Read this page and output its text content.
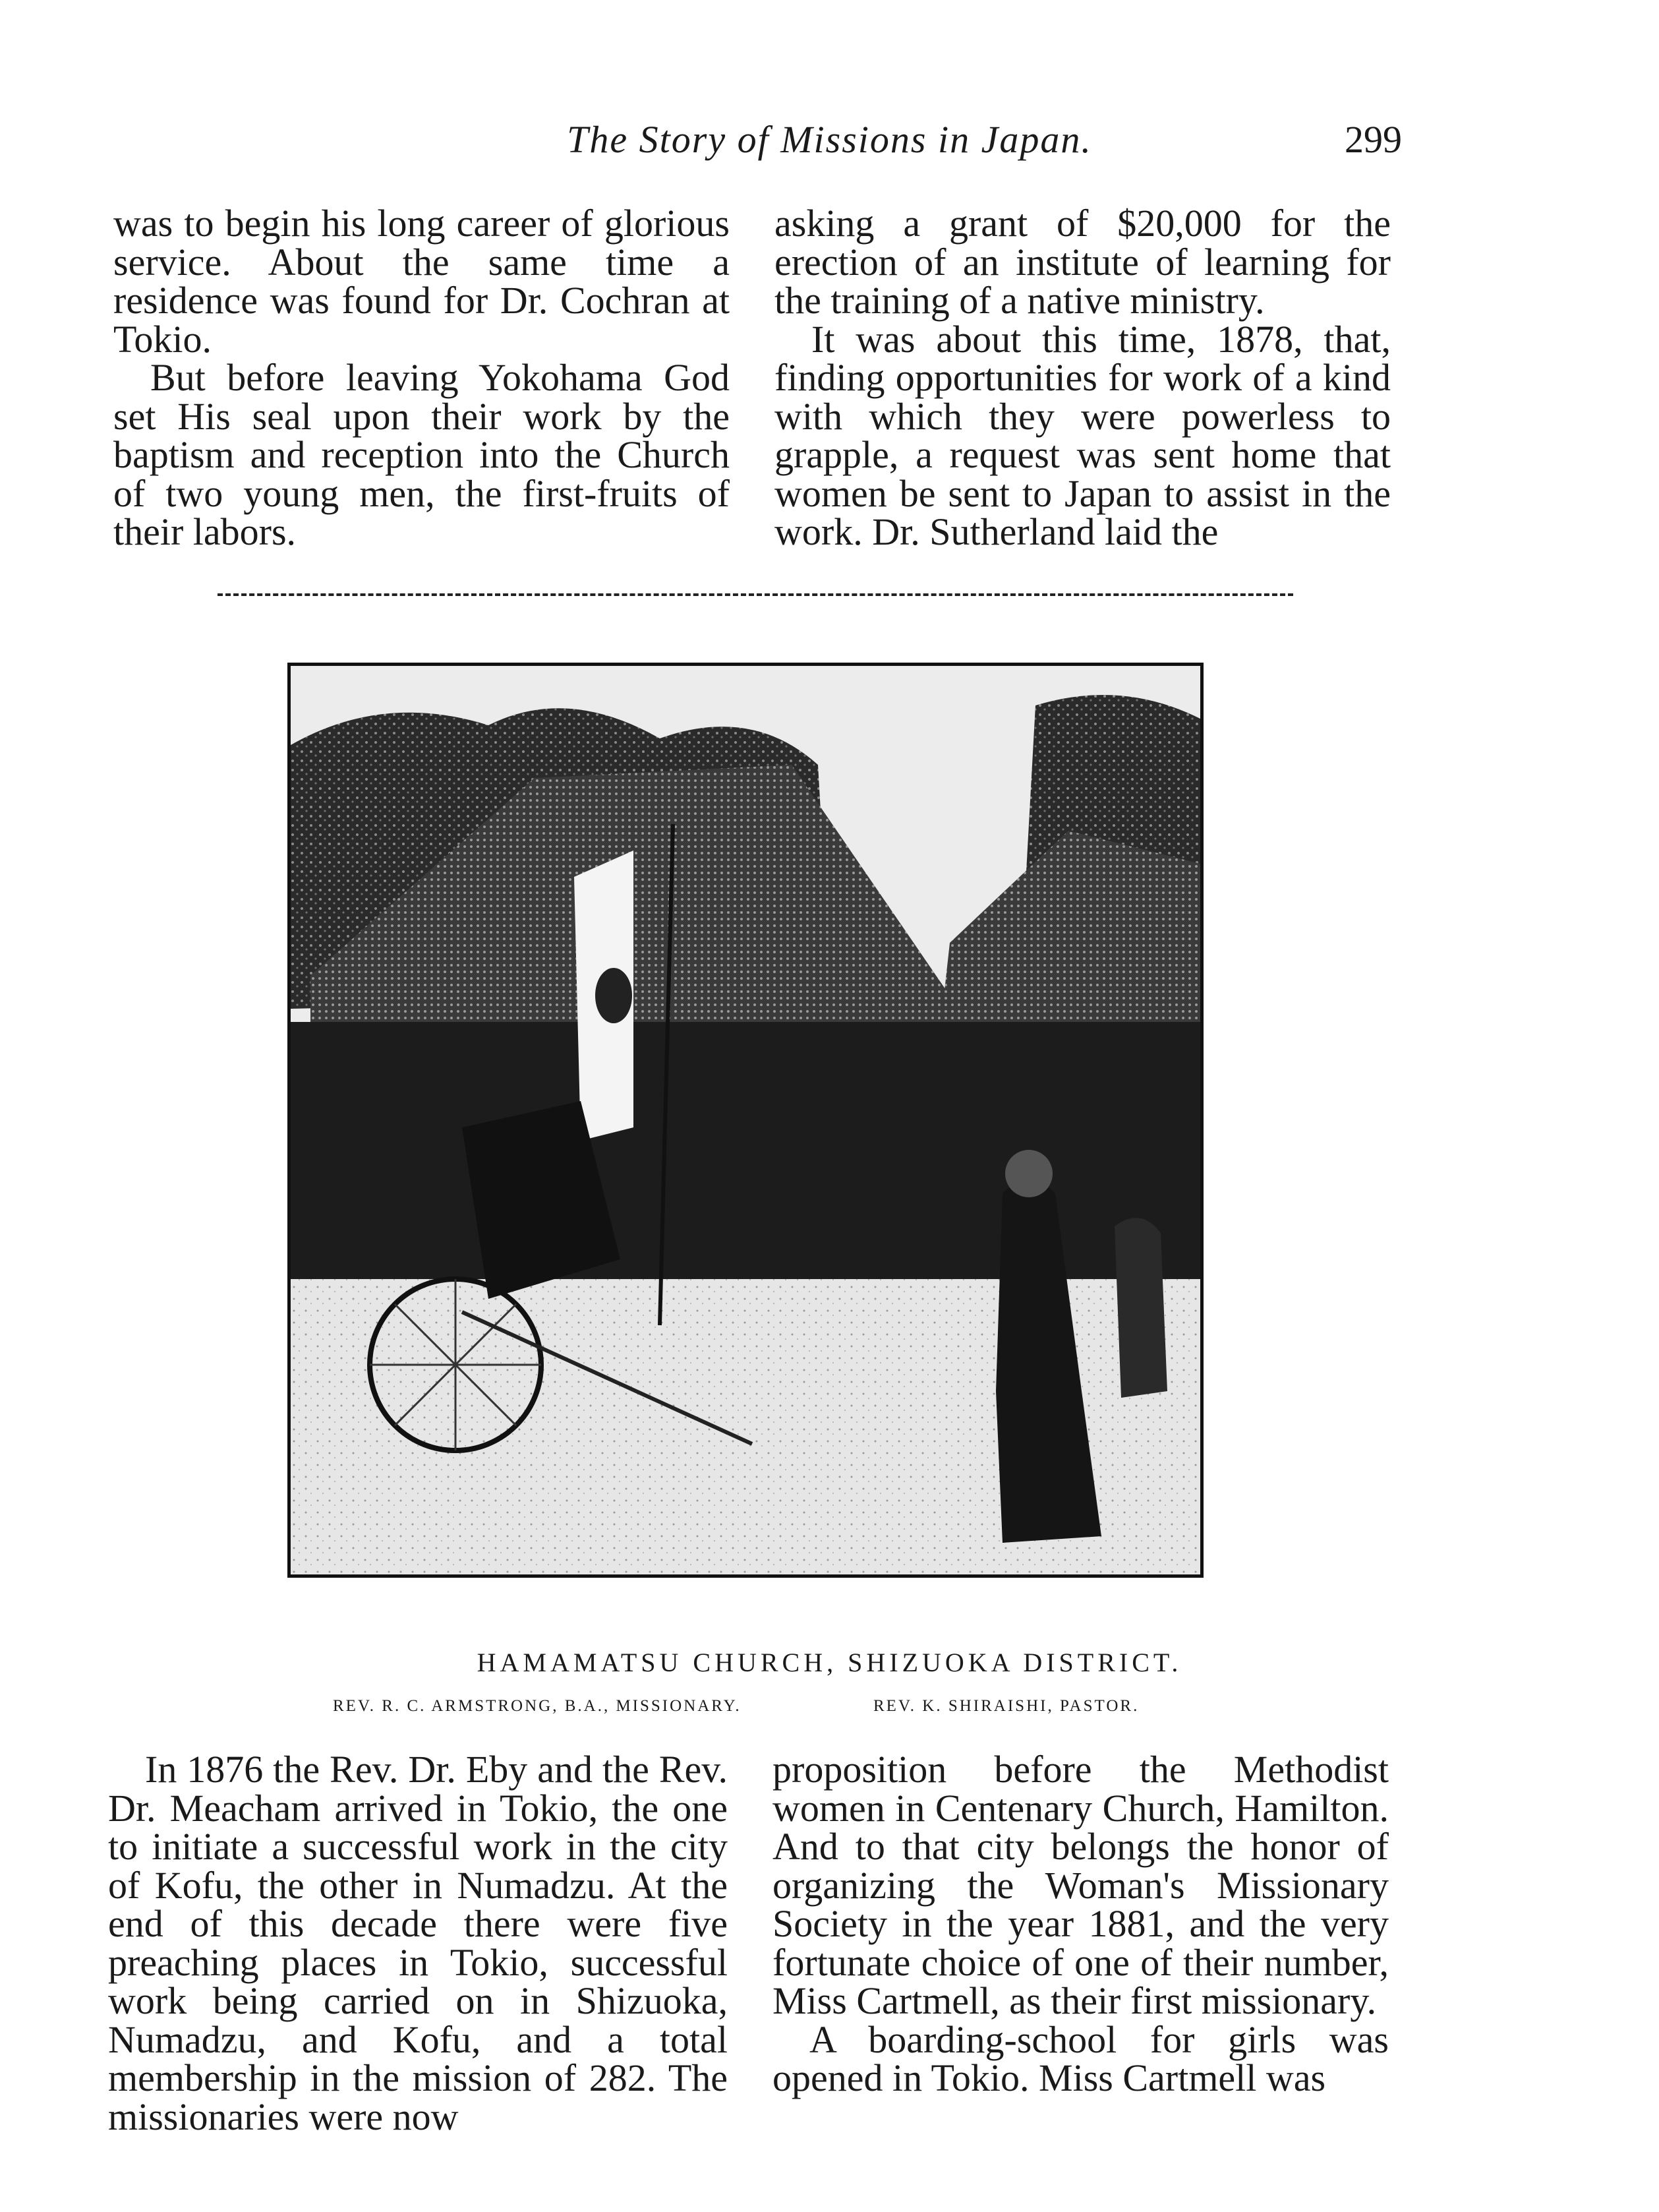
The Story of Missions in Japan.	299

was to begin his long career of glorious service. About the same time a residence was found for Dr. Cochran at Tokio.

But before leaving Yokohama God set His seal upon their work by the baptism and reception into the Church of two young men, the first-fruits of their labors.

asking a grant of $20,000 for the erection of an institute of learning for the training of a native ministry.

It was about this time, 1878, that, finding opportunities for work of a kind with which they were powerless to grapple, a request was sent home that women be sent to Japan to assist in the work. Dr. Sutherland laid the

HAMAMATSU CHURCH, SHIZUOKA DISTRICT.
REV. R. C. ARMSTRONG, B.A., MISSIONARY.	REV. K. SHIRAISHI, PASTOR.

In 1876 the Rev. Dr. Eby and the Rev. Dr. Meacham arrived in Tokio, the one to initiate a successful work in the city of Kofu, the other in Numadzu. At the end of this decade there were five preaching places in Tokio, successful work being carried on in Shizuoka, Numadzu, and Kofu, and a total membership in the mission of 282. The missionaries were now

proposition before the Methodist women in Centenary Church, Hamilton. And to that city belongs the honor of organizing the Woman's Missionary Society in the year 1881, and the very fortunate choice of one of their number, Miss Cartmell, as their first missionary.

A boarding-school for girls was opened in Tokio. Miss Cartmell was
